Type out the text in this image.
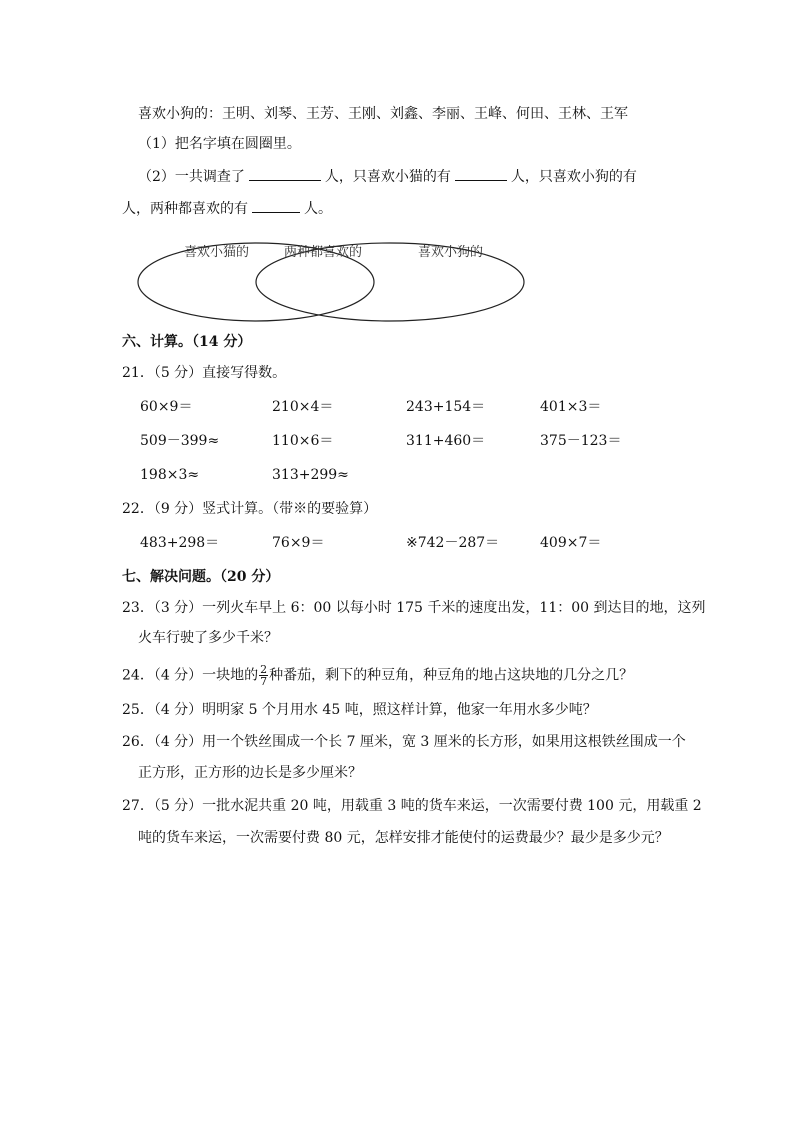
喜欢小狗的：王明、刘琴、王芳、王刚、刘鑫、李丽、王峰、何田、王林、王军
（1）把名字填在圆圈里。
（2）一共调查了	人，只喜欢小猫的有	人，只喜欢小狗的有
人，两种都喜欢的有	人。
喜欢小猫的	两种都喜欢的	喜欢小狗的
六、计算。（14 分）
21．（5 分）直接写得数。
60×9＝	210×4＝	243+154＝	401×3＝
509－399≈	110×6＝	311+460＝	375－123＝
198×3≈	313+299≈
22．（9 分）竖式计算。（带※的要验算）
483+298＝	76×9＝	※742－287＝	409×7＝
七、解决问题。（20 分）
23．（3 分）一列火车早上 6：00 以每小时 175 千米的速度出发，11：00 到达目的地，这列
火车行驶了多少千米？
24．（4 分）一块地的 $\frac{2}{7}$ 种番茄，剩下的种豆角，种豆角的地占这块地的几分之几？
25．（4 分）明明家 5 个月用水 45 吨，照这样计算，他家一年用水多少吨？
26．（4 分）用一个铁丝围成一个长 7 厘米，宽 3 厘米的长方形，如果用这根铁丝围成一个
正方形，正方形的边长是多少厘米？
27．（5 分）一批水泥共重 20 吨，用载重 3 吨的货车来运，一次需要付费 100 元，用载重 2
吨的货车来运，一次需要付费 80 元，怎样安排才能使付的运费最少？最少是多少元？
